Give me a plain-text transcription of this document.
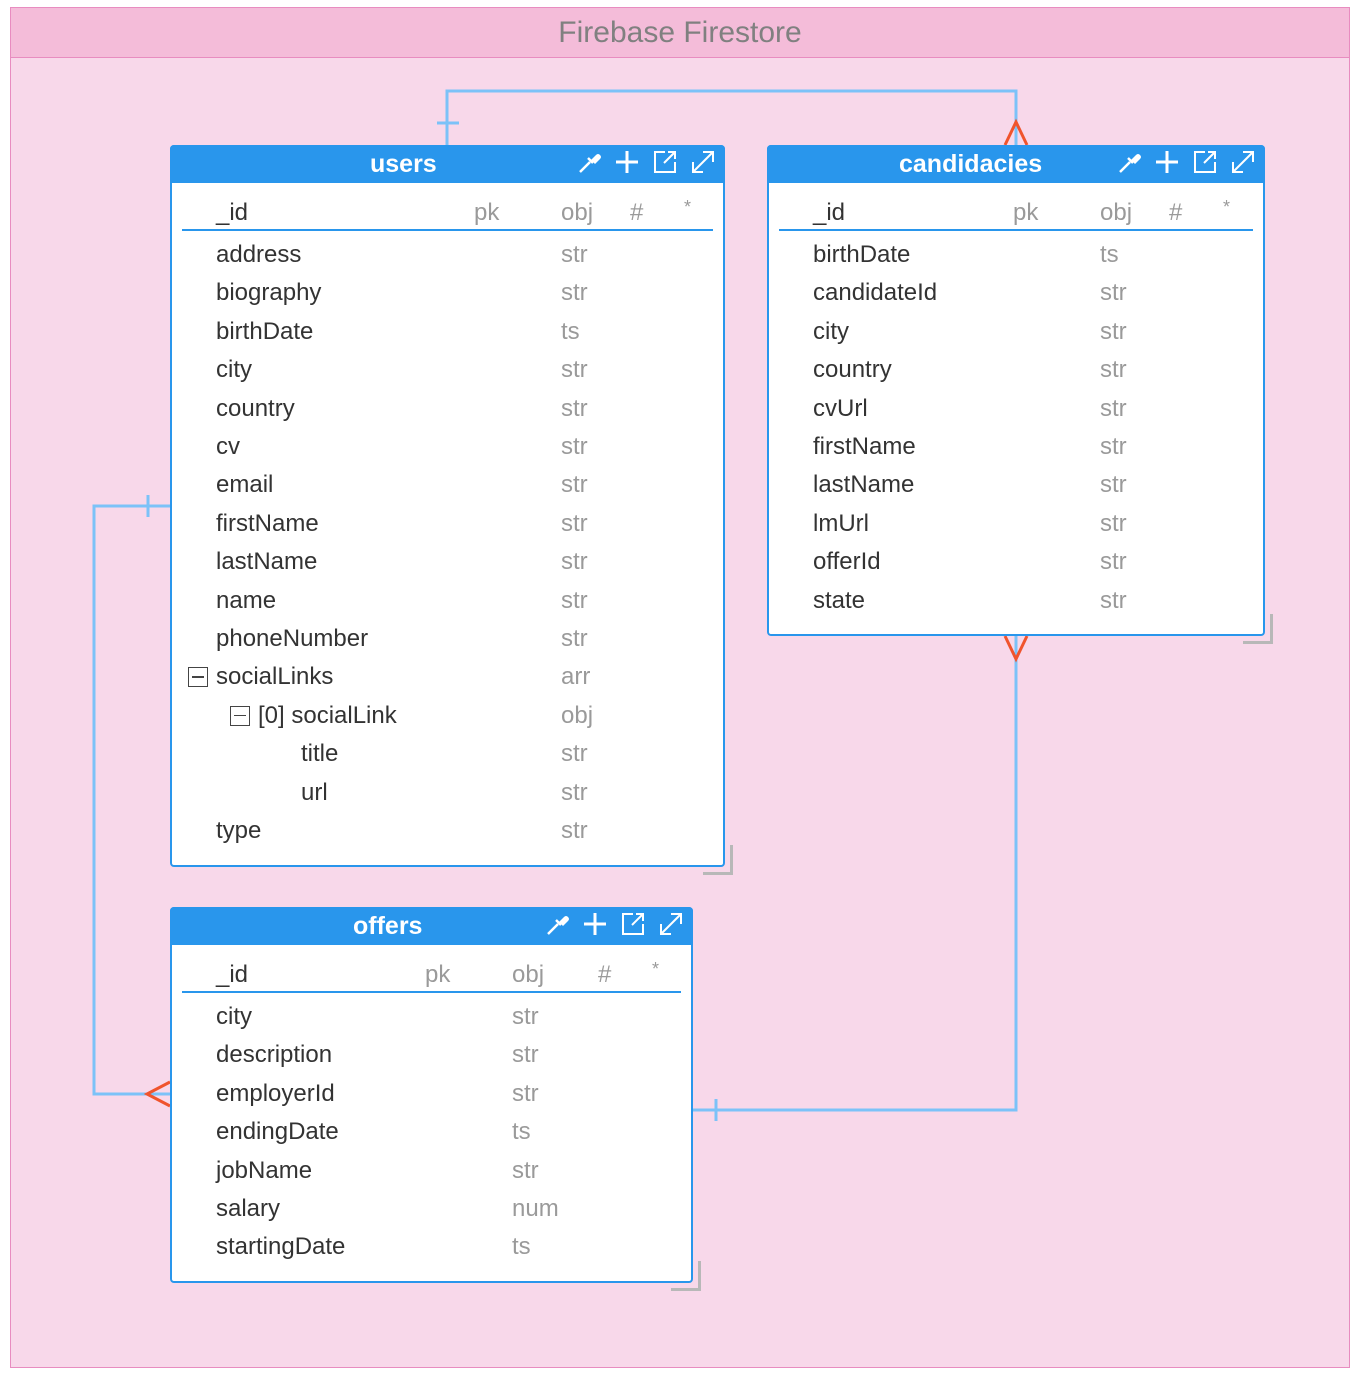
Firebase Firestore
users
_id	pk	obj # *
address	str
biography	str
birthDate	ts
city	str
country	str
cv	str
email	str
firstName	str
lastName	str
name	str
phoneNumber	str
socialLinks	arr
[0] socialLink	obj
title	str
url	str
type	str
candidacies
_id	pk	obj # *
birthDate	ts
candidateId	str
city	str
country	str
cvUrl	str
firstName	str
lastName	str
lmUrl	str
offerId	str
state	str
offers
_id	pk	obj # *
city	str
description	str
employerId	str
endingDate	ts
jobName	str
salary	num
startingDate	ts
